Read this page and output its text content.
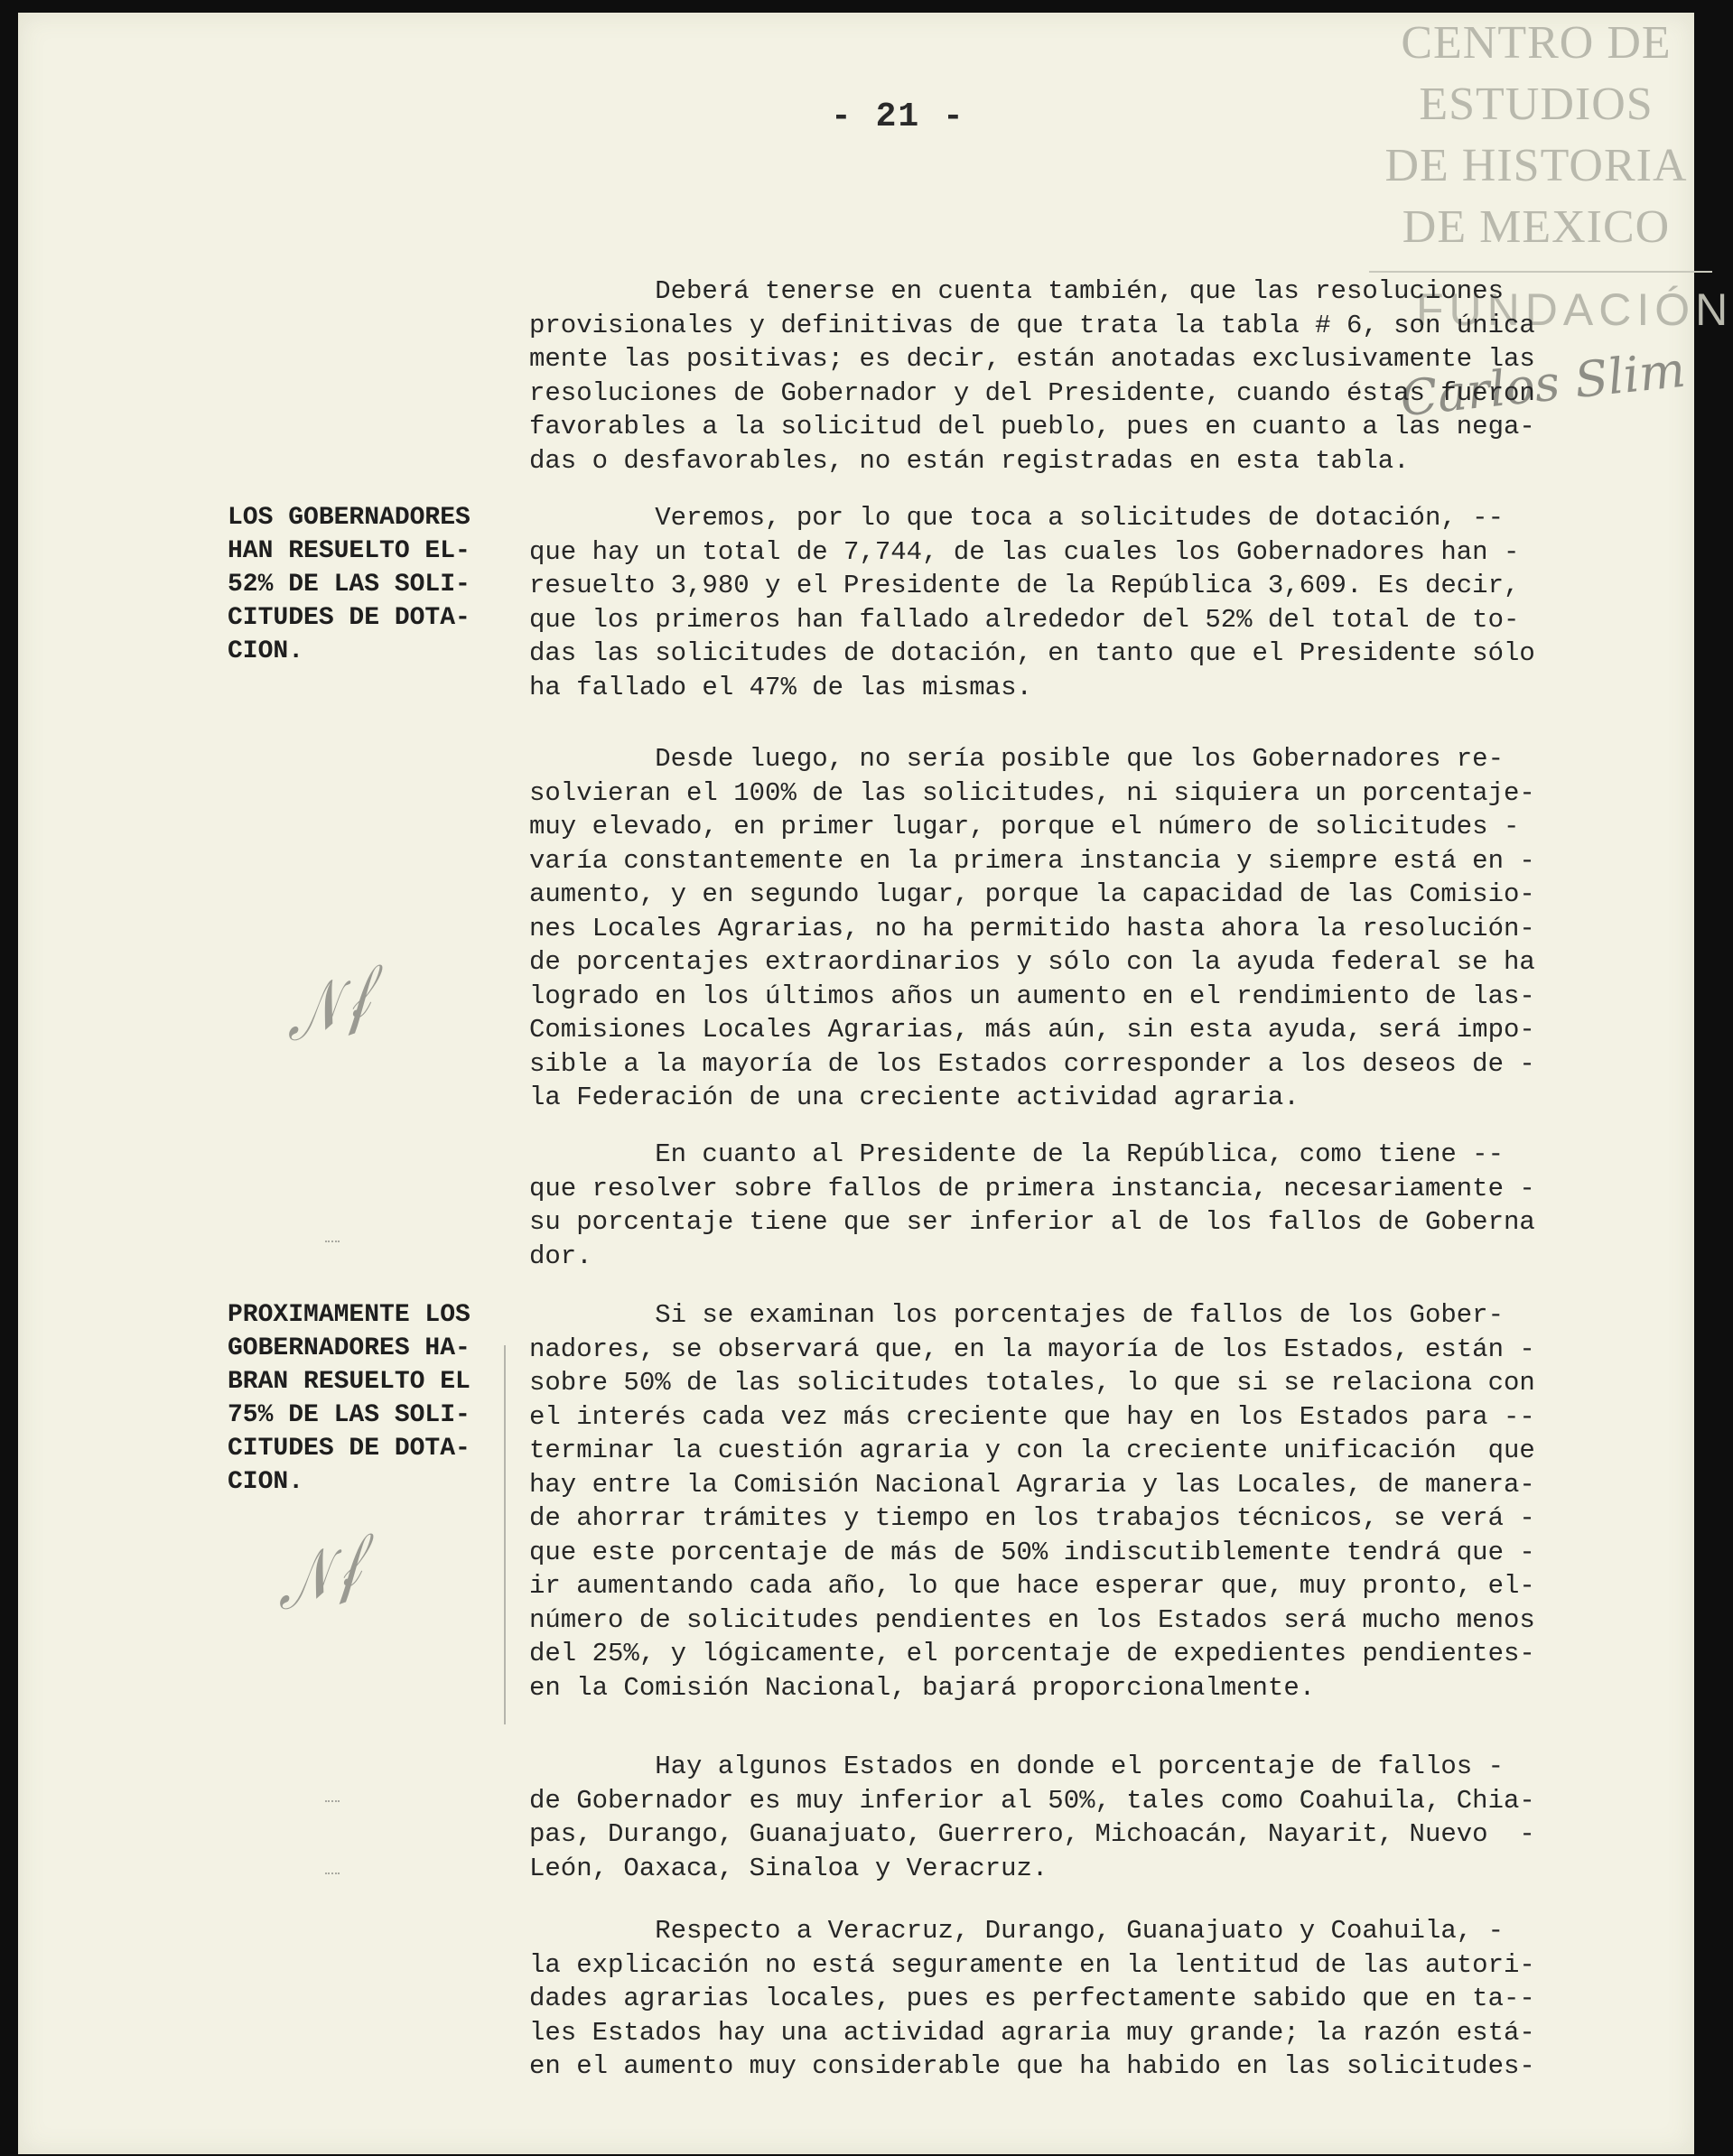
- 21 -
CENTRO DE
ESTUDIOS
DE HISTORIA
DE MEXICO
FUNDACIÓN
Carlos Slim
LOS GOBERNADORES
HAN RESUELTO EL-
52% DE LAS SOLI-
CITUDES DE DOTA-
CION.
PROXIMAMENTE LOS
GOBERNADORES HA-
BRAN RESUELTO EL
75% DE LAS SOLI-
CITUDES DE DOTA-
CION.
𝒩𝒻
𝒩𝒻
Deberá tenerse en cuenta también, que las resoluciones
provisionales y definitivas de que trata la tabla # 6, son única
mente las positivas; es decir, están anotadas exclusivamente las
resoluciones de Gobernador y del Presidente, cuando éstas fueron
favorables a la solicitud del pueblo, pues en cuanto a las nega-
das o desfavorables, no están registradas en esta tabla.
Veremos, por lo que toca a solicitudes de dotación, --
que hay un total de 7,744, de las cuales los Gobernadores han -
resuelto 3,980 y el Presidente de la República 3,609. Es decir,
que los primeros han fallado alrededor del 52% del total de to-
das las solicitudes de dotación, en tanto que el Presidente sólo
ha fallado el 47% de las mismas.
Desde luego, no sería posible que los Gobernadores re-
solvieran el 100% de las solicitudes, ni siquiera un porcentaje-
muy elevado, en primer lugar, porque el número de solicitudes -
varía constantemente en la primera instancia y siempre está en -
aumento, y en segundo lugar, porque la capacidad de las Comisio-
nes Locales Agrarias, no ha permitido hasta ahora la resolución-
de porcentajes extraordinarios y sólo con la ayuda federal se ha
logrado en los últimos años un aumento en el rendimiento de las-
Comisiones Locales Agrarias, más aún, sin esta ayuda, será impo-
sible a la mayoría de los Estados corresponder a los deseos de -
la Federación de una creciente actividad agraria.
En cuanto al Presidente de la República, como tiene --
que resolver sobre fallos de primera instancia, necesariamente -
su porcentaje tiene que ser inferior al de los fallos de Goberna
dor.
Si se examinan los porcentajes de fallos de los Gober-
nadores, se observará que, en la mayoría de los Estados, están -
sobre 50% de las solicitudes totales, lo que si se relaciona con
el interés cada vez más creciente que hay en los Estados para --
terminar la cuestión agraria y con la creciente unificación  que
hay entre la Comisión Nacional Agraria y las Locales, de manera-
de ahorrar trámites y tiempo en los trabajos técnicos, se verá -
que este porcentaje de más de 50% indiscutiblemente tendrá que -
ir aumentando cada año, lo que hace esperar que, muy pronto, el-
número de solicitudes pendientes en los Estados será mucho menos
del 25%, y lógicamente, el porcentaje de expedientes pendientes-
en la Comisión Nacional, bajará proporcionalmente.
Hay algunos Estados en donde el porcentaje de fallos -
de Gobernador es muy inferior al 50%, tales como Coahuila, Chia-
pas, Durango, Guanajuato, Guerrero, Michoacán, Nayarit, Nuevo  -
León, Oaxaca, Sinaloa y Veracruz.
Respecto a Veracruz, Durango, Guanajuato y Coahuila, -
la explicación no está seguramente en la lentitud de las autori-
dades agrarias locales, pues es perfectamente sabido que en ta--
les Estados hay una actividad agraria muy grande; la razón está-
en el aumento muy considerable que ha habido en las solicitudes-
